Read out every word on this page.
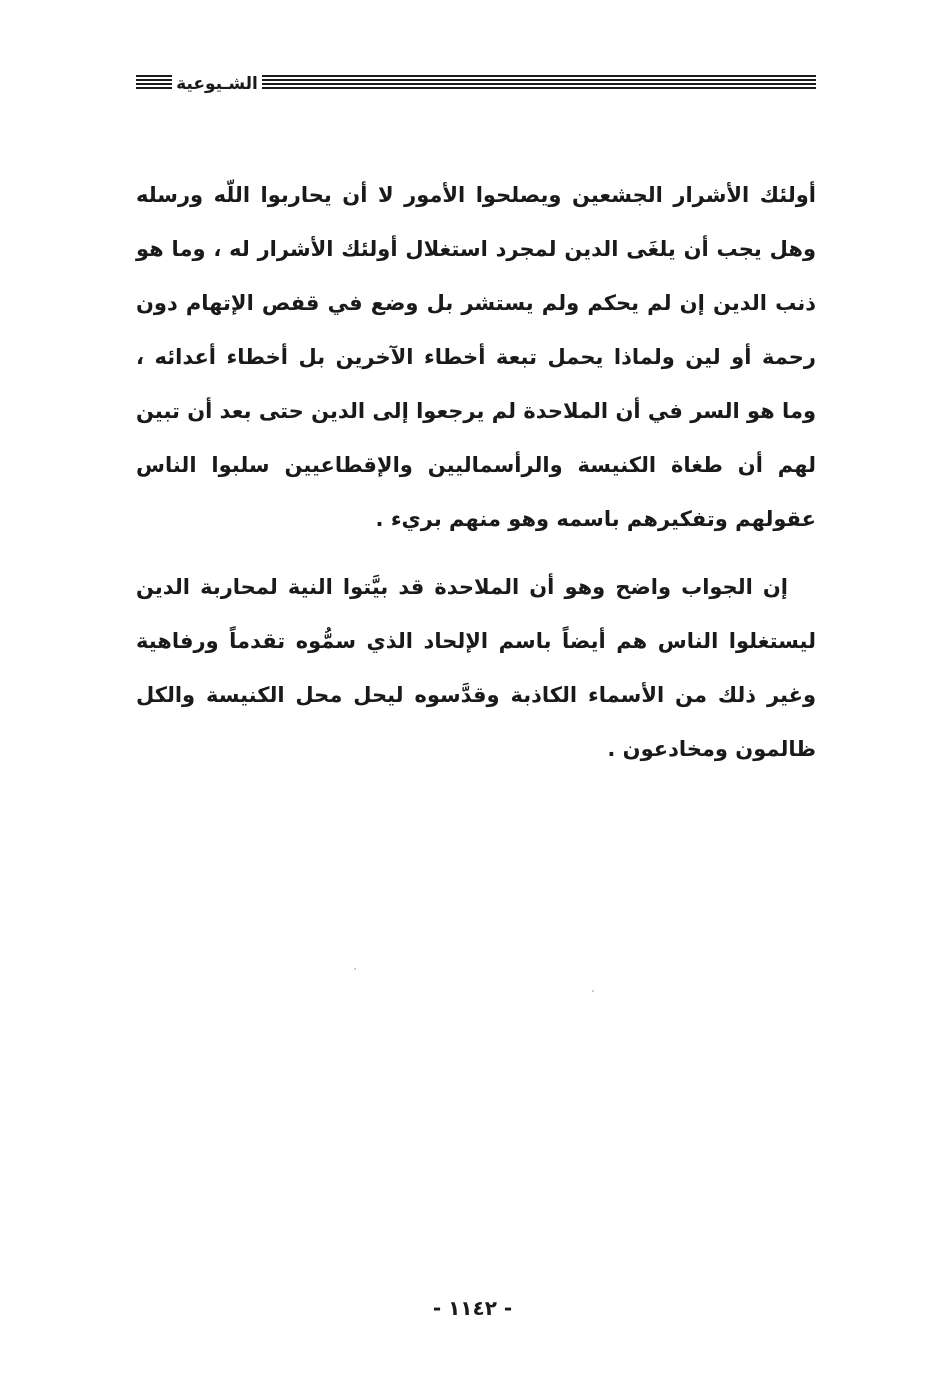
الشـيوعية

أولئك الأشرار الجشعين ويصلحوا الأمور لا أن يحاربوا اللّه ورسله وهل يجب أن يلغَى الدين لمجرد استغلال أولئك الأشرار له ، وما هو ذنب الدين إن لم يحكم ولم يستشر بل وضع في قفص الإتهام دون رحمة أو لين ولماذا يحمل تبعة أخطاء الآخرين بل أخطاء أعدائه ، وما هو السر في أن الملاحدة لم يرجعوا إلى الدين حتى بعد أن تبين لهم أن طغاة الكنيسة والرأسماليين والإقطاعيين سلبوا الناس عقولهم وتفكيرهم باسمه وهو منهم بريء .

إن الجواب واضح وهو أن الملاحدة قد بيَّتوا النية لمحاربة الدين ليستغلوا الناس هم أيضاً باسم الإلحاد الذي سمُّوه تقدماً ورفاهية وغير ذلك من الأسماء الكاذبة وقدَّسوه ليحل محل الكنيسة والكل ظالمون ومخادعون .

- ١١٤٢ -
